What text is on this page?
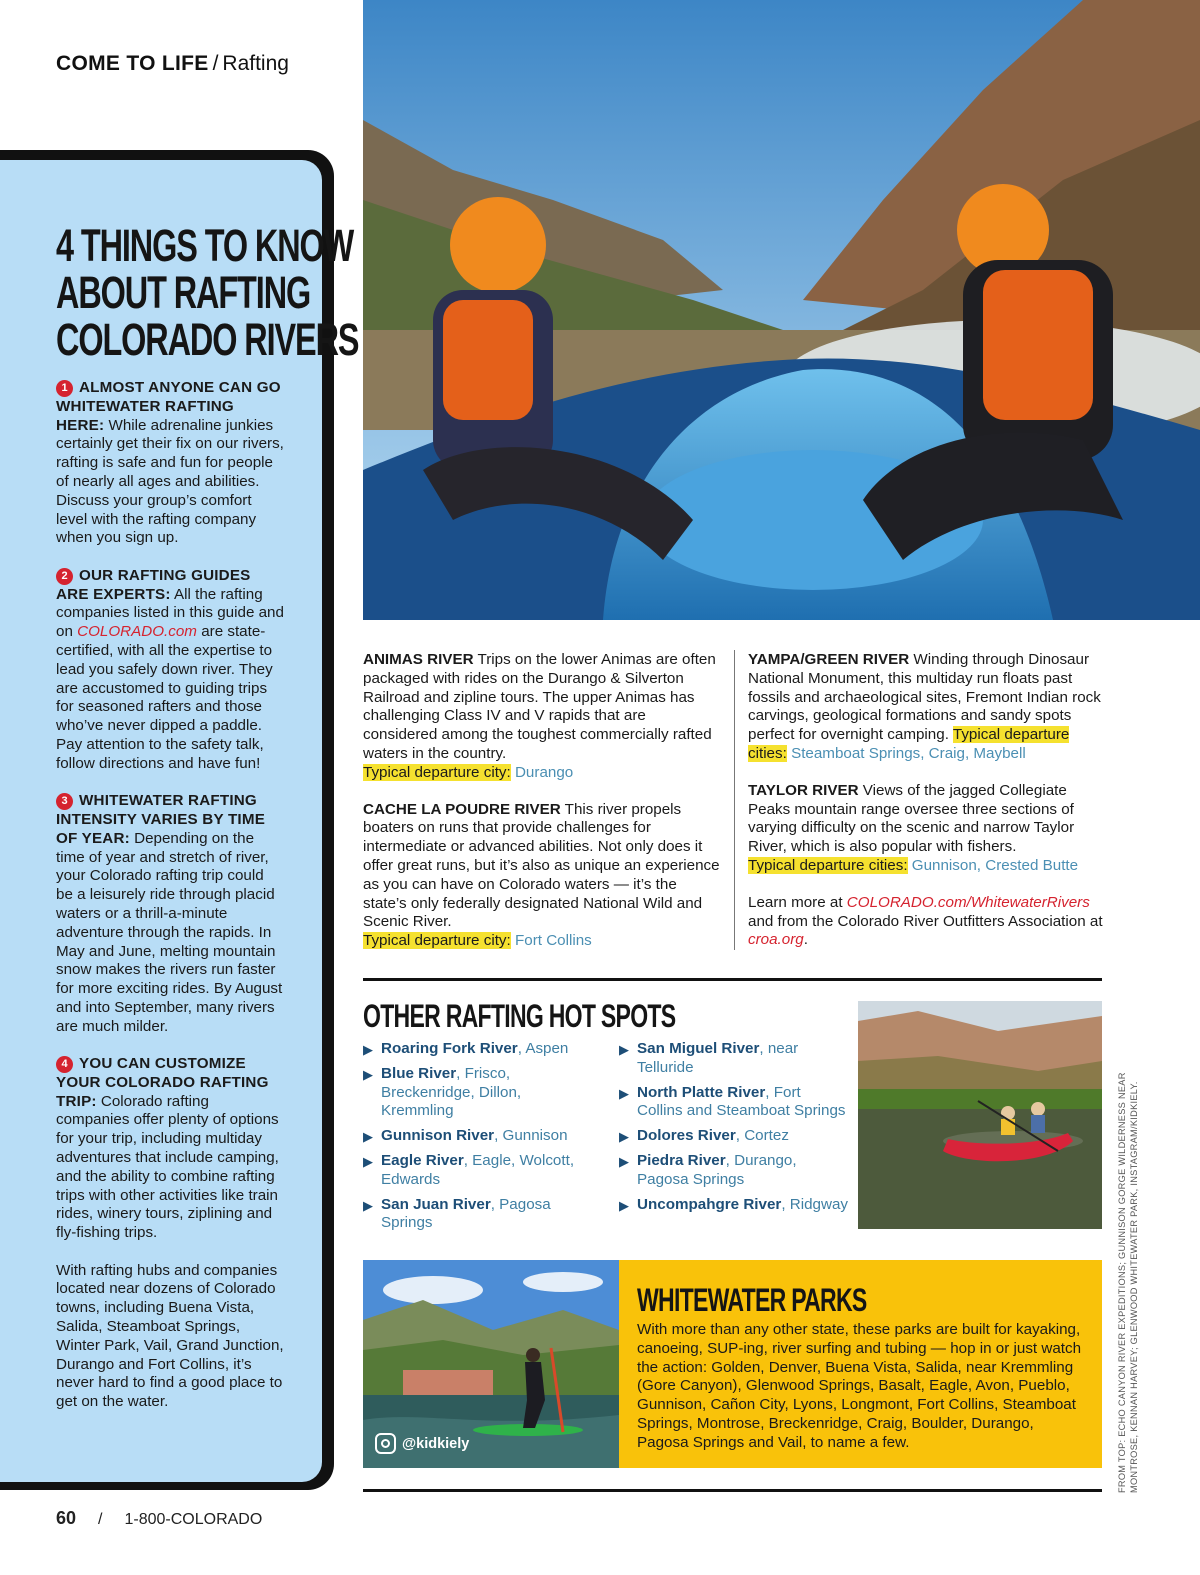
COME TO LIFE / Rafting
4 THINGS TO KNOW
ABOUT RAFTING
COLORADO RIVERS

1 ALMOST ANYONE CAN GO WHITEWATER RAFTING HERE: While adrenaline junkies certainly get their fix on our rivers, rafting is safe and fun for people of nearly all ages and abilities. Discuss your group’s comfort level with the rafting company when you sign up.

2 OUR RAFTING GUIDES ARE EXPERTS: All the rafting companies listed in this guide and on COLORADO.com are state-certified, with all the expertise to lead you safely down river. They are accustomed to guiding trips for seasoned rafters and those who’ve never dipped a paddle. Pay attention to the safety talk, follow directions and have fun!

3 WHITEWATER RAFTING INTENSITY VARIES BY TIME OF YEAR: Depending on the time of year and stretch of river, your Colorado rafting trip could be a leisurely ride through placid waters or a thrill-a-minute adventure through the rapids. In May and June, melting mountain snow makes the rivers run faster for more exciting rides. By August and into September, many rivers are much milder.

4 YOU CAN CUSTOMIZE YOUR COLORADO RAFTING TRIP: Colorado rafting companies offer plenty of options for your trip, including multiday adventures that include camping, and the ability to combine rafting trips with other activities like train rides, winery tours, ziplining and fly-fishing trips.

With rafting hubs and companies located near dozens of Colorado towns, including Buena Vista, Salida, Steamboat Springs, Winter Park, Vail, Grand Junction, Durango and Fort Collins, it’s never hard to find a good place to get on the water.

ANIMAS RIVER Trips on the lower Animas are often packaged with rides on the Durango & Silverton Railroad and zipline tours. The upper Animas has challenging Class IV and V rapids that are considered among the toughest commercially rafted waters in the country.
Typical departure city: Durango

CACHE LA POUDRE RIVER This river propels boaters on runs that provide challenges for intermediate or advanced abilities. Not only does it offer great runs, but it’s also as unique an experience as you can have on Colorado waters — it’s the state’s only federally designated National Wild and Scenic River.
Typical departure city: Fort Collins

YAMPA/GREEN RIVER Winding through Dinosaur National Monument, this multiday run floats past fossils and archaeological sites, Fremont Indian rock carvings, geological formations and sandy spots perfect for overnight camping. Typical departure cities: Steamboat Springs, Craig, Maybell

TAYLOR RIVER Views of the jagged Collegiate Peaks mountain range oversee three sections of varying difficulty on the scenic and narrow Taylor River, which is also popular with fishers.
Typical departure cities: Gunnison, Crested Butte

Learn more at COLORADO.com/WhitewaterRivers and from the Colorado River Outfitters Association at croa.org.

OTHER RAFTING HOT SPOTS
▶ Roaring Fork River, Aspen
▶ Blue River, Frisco, Breckenridge, Dillon, Kremmling
▶ Gunnison River, Gunnison
▶ Eagle River, Eagle, Wolcott, Edwards
▶ San Juan River, Pagosa Springs
▶ San Miguel River, near Telluride
▶ North Platte River, Fort Collins and Steamboat Springs
▶ Dolores River, Cortez
▶ Piedra River, Durango, Pagosa Springs
▶ Uncompahgre River, Ridgway
@kidkiely
WHITEWATER PARKS

With more than any other state, these parks are built for kayaking, canoeing, SUP-ing, river surfing and tubing — hop in or just watch the action: Golden, Denver, Buena Vista, Salida, near Kremmling (Gore Canyon), Glenwood Springs, Basalt, Eagle, Avon, Pueblo, Gunnison, Cañon City, Lyons, Longmont, Fort Collins, Steamboat Springs, Montrose, Breckenridge, Craig, Boulder, Durango, Pagosa Springs and Vail, to name a few.	FROM TOP: ECHO CANYON RIVER EXPEDITIONS; GUNNISON GORGE WILDERNESS NEAR MONTROSE, KENNAN HARVEY; GLENWOOD WHITEWATER PARK, INSTAGRAM/KIDKIELY.
60 / 1-800-COLORADO
